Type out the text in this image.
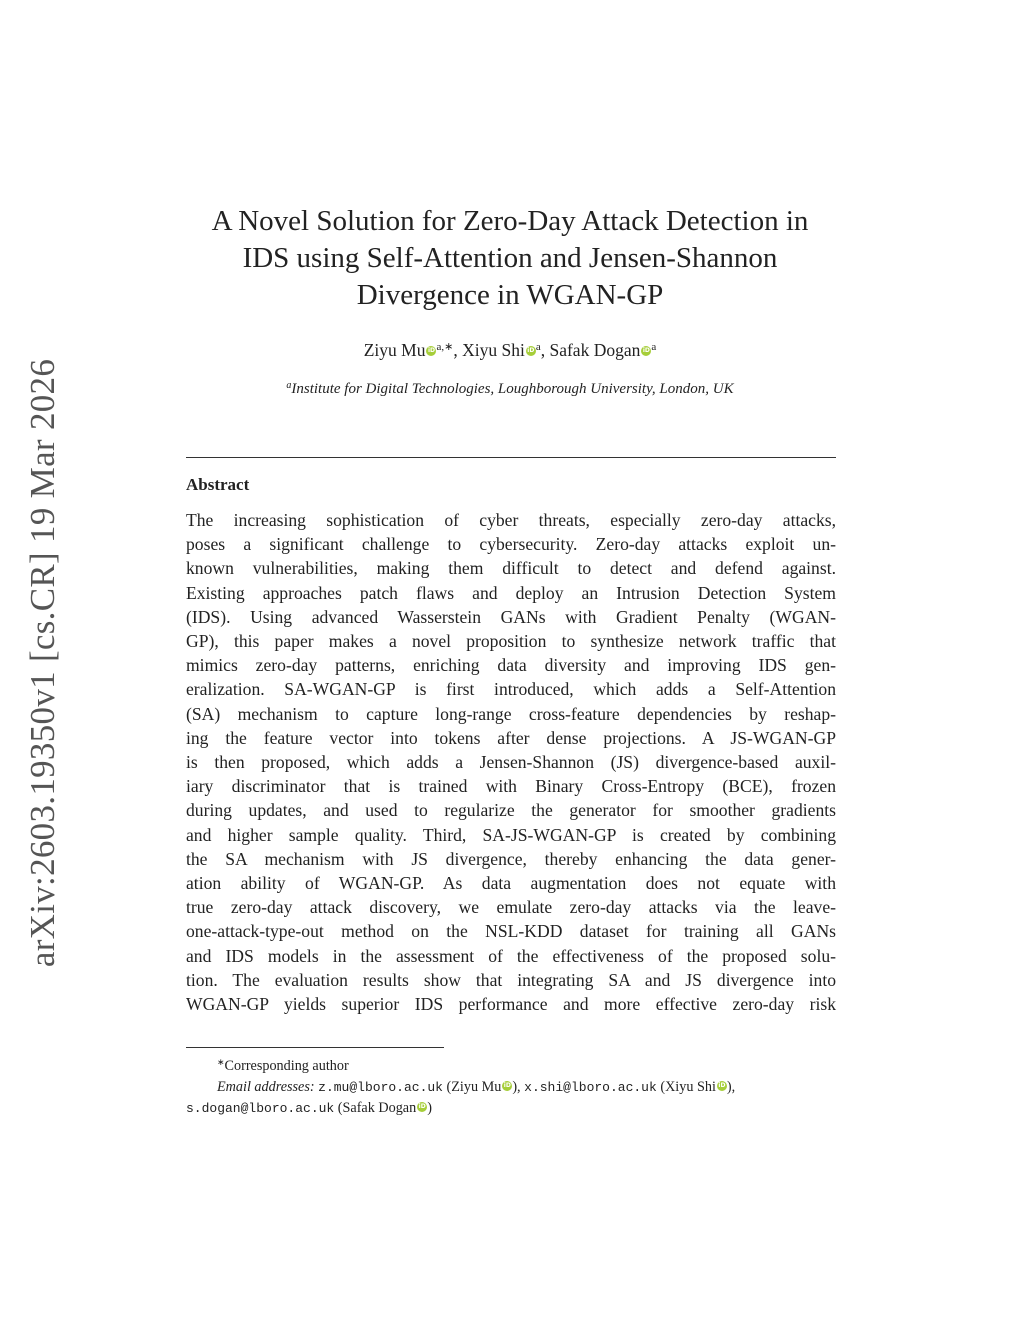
arXiv:2603.19350v1 [cs.CR] 19 Mar 2026
A Novel Solution for Zero-Day Attack Detection in
IDS using Self-Attention and Jensen-Shannon
Divergence in WGAN-GP
Ziyu Mu $iD^{a,∗}$, Xiyu Shi $iD^a$, Safak Dogan $iD^a$
$^a$Institute for Digital Technologies, Loughborough University, London, UK
Abstract
The increasing sophistication of cyber threats, especially zero-day attacks,
poses a significant challenge to cybersecurity. Zero-day attacks exploit un-
known vulnerabilities, making them difficult to detect and defend against.
Existing approaches patch flaws and deploy an Intrusion Detection System
(IDS). Using advanced Wasserstein GANs with Gradient Penalty (WGAN-
GP), this paper makes a novel proposition to synthesize network traffic that
mimics zero-day patterns, enriching data diversity and improving IDS gen-
eralization. SA-WGAN-GP is first introduced, which adds a Self-Attention
(SA) mechanism to capture long-range cross-feature dependencies by reshap-
ing the feature vector into tokens after dense projections. A JS-WGAN-GP
is then proposed, which adds a Jensen-Shannon (JS) divergence-based auxil-
iary discriminator that is trained with Binary Cross-Entropy (BCE), frozen
during updates, and used to regularize the generator for smoother gradients
and higher sample quality. Third, SA-JS-WGAN-GP is created by combining
the SA mechanism with JS divergence, thereby enhancing the data gener-
ation ability of WGAN-GP. As data augmentation does not equate with
true zero-day attack discovery, we emulate zero-day attacks via the leave-
one-attack-type-out method on the NSL-KDD dataset for training all GANs
and IDS models in the assessment of the effectiveness of the proposed solu-
tion. The evaluation results show that integrating SA and JS divergence into
WGAN-GP yields superior IDS performance and more effective zero-day risk
∗Corresponding author
Email addresses: z.mu@lboro.ac.uk (Ziyu Mu iD), x.shi@lboro.ac.uk (Xiyu Shi iD),
s.dogan@lboro.ac.uk (Safak Dogan iD)
